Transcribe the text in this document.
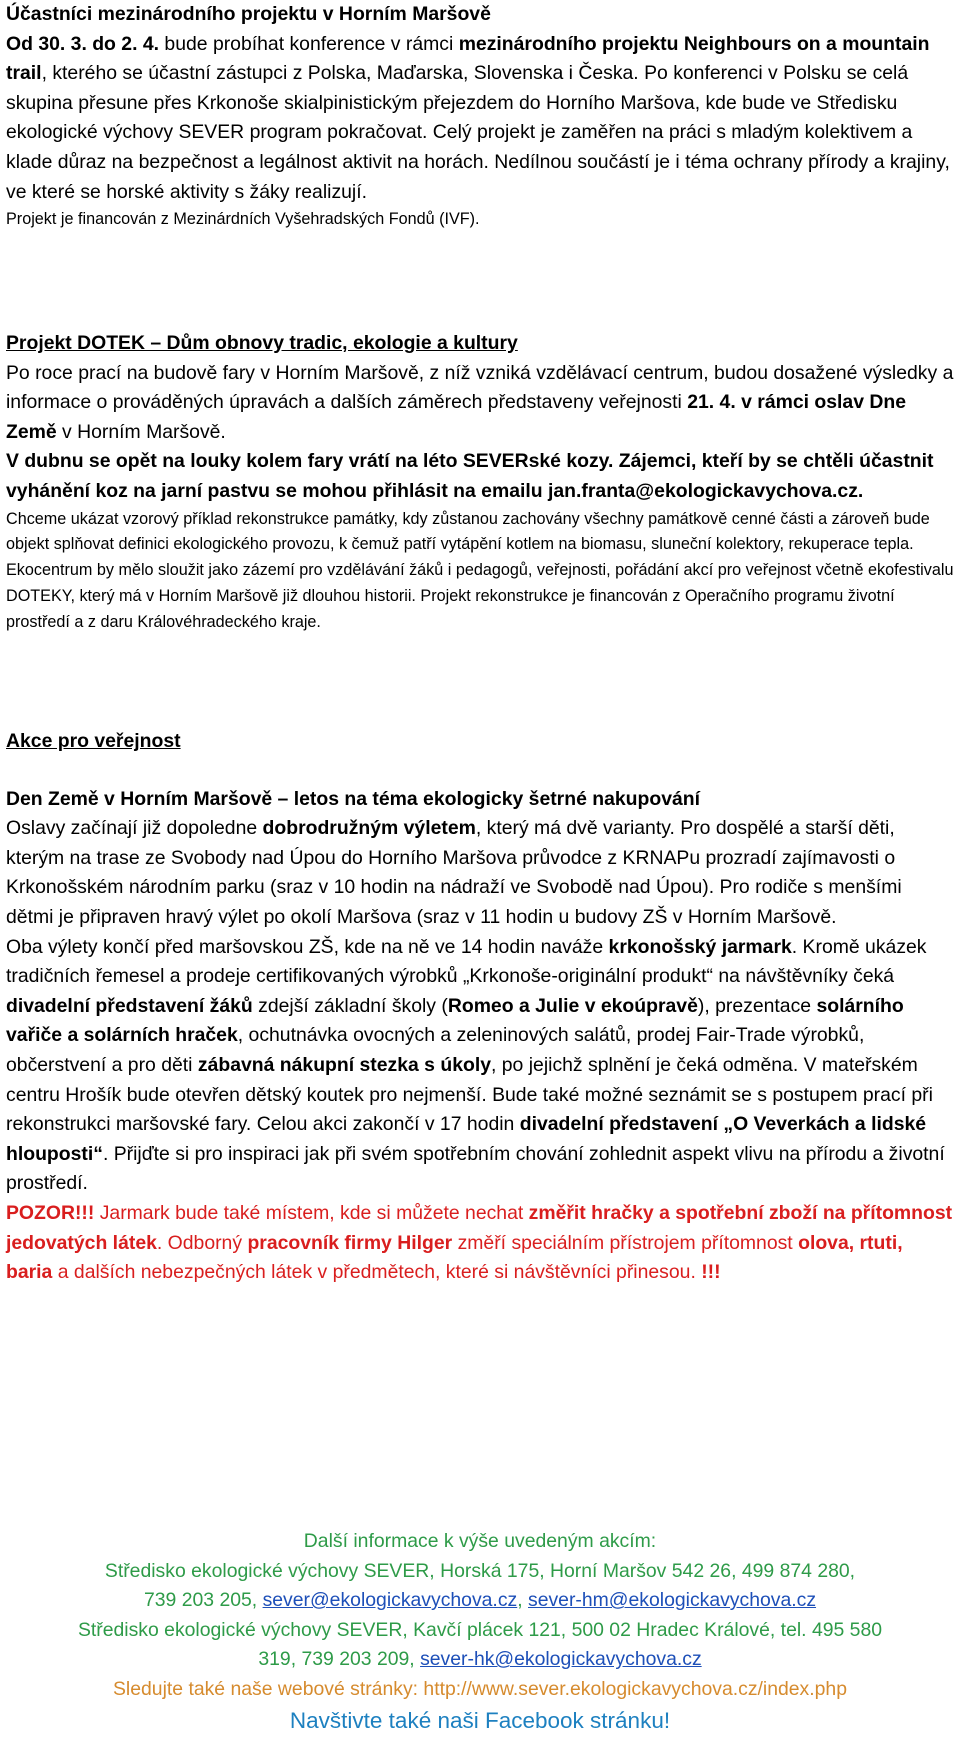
Účastníci mezinárodního projektu v Horním Maršově

Od 30. 3. do 2. 4. bude probíhat konference v rámci mezinárodního projektu Neighbours on a mountain trail, kterého se účastní zástupci z Polska, Maďarska, Slovenska i Česka. Po konferenci v Polsku se celá skupina přesune přes Krkonoše skialpinistickým přejezdem do Horního Maršova, kde bude ve Středisku ekologické výchovy SEVER program pokračovat. Celý projekt je zaměřen na práci s mladým kolektivem a klade důraz na bezpečnost a legálnost aktivit na horách. Nedílnou součástí je i téma ochrany přírody a krajiny, ve které se horské aktivity s žáky realizují.

Projekt je financován z Mezinárdních Vyšehradských Fondů (IVF).

Projekt DOTEK – Dům obnovy tradic, ekologie a kultury

Po roce prací na budově fary v Horním Maršově, z níž vzniká vzdělávací centrum, budou dosažené výsledky a informace o prováděných úpravách a dalších záměrech představeny veřejnosti 21. 4. v rámci oslav Dne Země v Horním Maršově.

V dubnu se opět na louky kolem fary vrátí na léto SEVERské kozy. Zájemci, kteří by se chtěli účastnit vyhánění koz na jarní pastvu se mohou přihlásit na emailu jan.franta@ekologickavychova.cz.

Chceme ukázat vzorový příklad rekonstrukce památky, kdy zůstanou zachovány všechny památkově cenné části a zároveň bude objekt splňovat definici ekologického provozu, k čemuž patří vytápění kotlem na biomasu, sluneční kolektory, rekuperace tepla. Ekocentrum by mělo sloužit jako zázemí pro vzdělávání žáků i pedagogů, veřejnosti, pořádání akcí pro veřejnost včetně ekofestivalu DOTEKY, který má v Horním Maršově již dlouhou historii. Projekt rekonstrukce je financován z Operačního programu životní prostředí a z daru Královéhradeckého kraje.

Akce pro veřejnost

Den Země v Horním Maršově – letos na téma ekologicky šetrné nakupování

Oslavy začínají již dopoledne dobrodružným výletem, který má dvě varianty. Pro dospělé a starší děti, kterým na trase ze Svobody nad Úpou do Horního Maršova průvodce z KRNAPu prozradí zajímavosti o Krkonošském národním parku (sraz v 10 hodin na nádraží ve Svobodě nad Úpou). Pro rodiče s menšími dětmi je připraven hravý výlet po okolí Maršova (sraz v 11 hodin u budovy ZŠ v Horním Maršově.

Oba výlety končí před maršovskou ZŠ, kde na ně ve 14 hodin naváže krkonošský jarmark. Kromě ukázek tradičních řemesel a prodeje certifikovaných výrobků „Krkonoše-originální produkt“ na návštěvníky čeká divadelní představení žáků zdejší základní školy (Romeo a Julie v ekoúpravě), prezentace solárního vařiče a solárních hraček, ochutnávka ovocných a zeleninových salátů, prodej Fair-Trade výrobků, občerstvení a pro děti zábavná nákupní stezka s úkoly, po jejichž splnění je čeká odměna. V mateřském centru Hrošík bude otevřen dětský koutek pro nejmenší. Bude také možné seznámit se s postupem prací při rekonstrukci maršovské fary. Celou akci zakončí v 17 hodin divadelní představení „O Veverkách a lidské hlouposti“. Přijďte si pro inspiraci jak při svém spotřebním chování zohlednit aspekt vlivu na přírodu a životní prostředí.

POZOR!!! Jarmark bude také místem, kde si můžete nechat změřit hračky a spotřební zboží na přítomnost jedovatých látek. Odborný pracovník firmy Hilger změří speciálním přístrojem přítomnost olova, rtuti, baria a dalších nebezpečných látek v předmětech, které si návštěvníci přinesou. !!!

Další informace k výše uvedeným akcím:

Středisko ekologické výchovy SEVER, Horská 175, Horní Maršov 542 26, 499 874 280,

739 203 205, sever@ekologickavychova.cz, sever-hm@ekologickavychova.cz

Středisko ekologické výchovy SEVER, Kavčí plácek 121, 500 02 Hradec Králové, tel. 495 580

319, 739 203 209, sever-hk@ekologickavychova.cz

Sledujte také naše webové stránky: http://www.sever.ekologickavychova.cz/index.php

Navštivte také naši Facebook stránku!
